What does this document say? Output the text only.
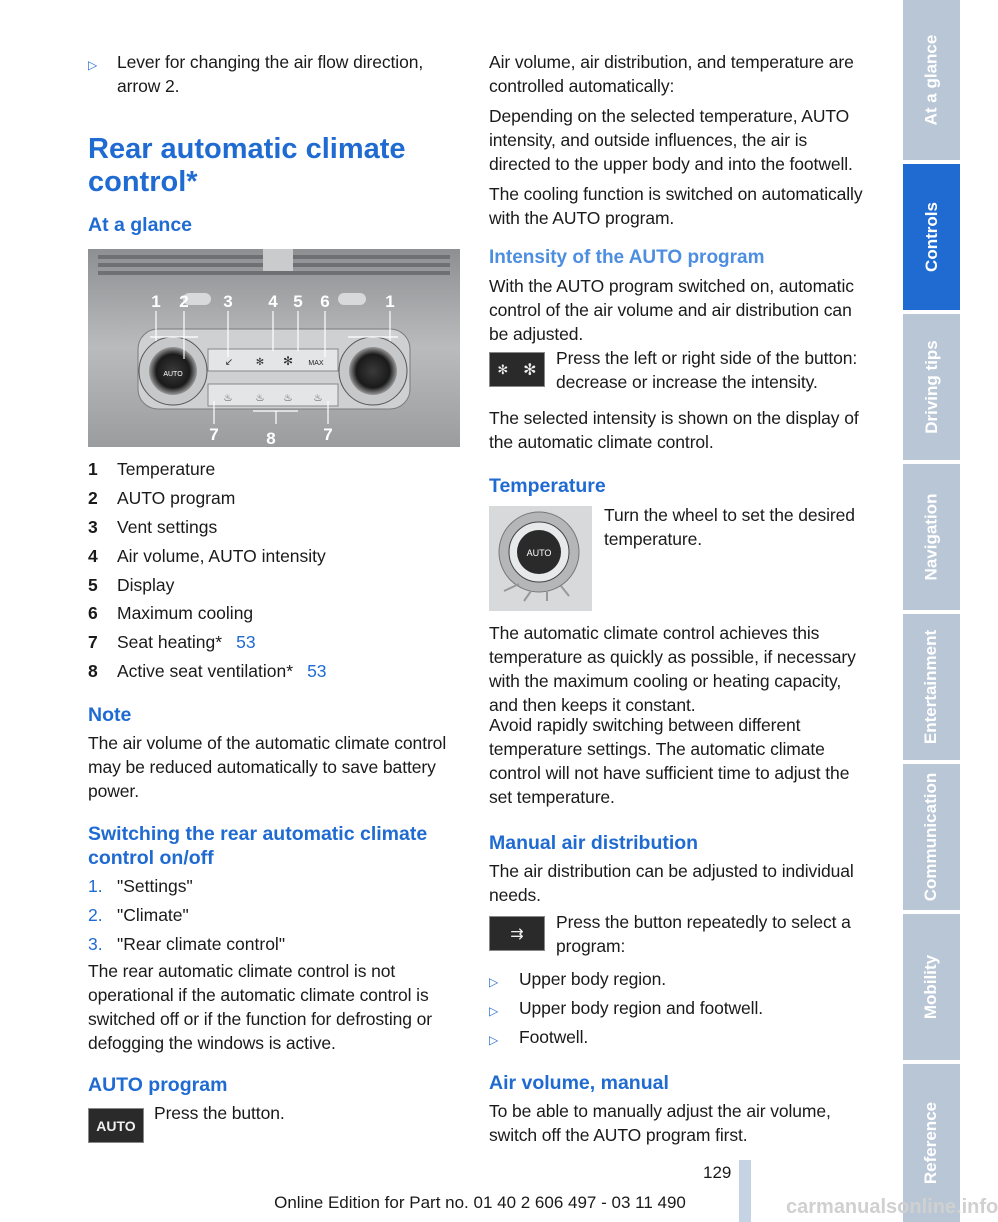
▷ Lever for changing the air flow direction, arrow 2.

Rear automatic climate
control*
At a glance
AUTO
MAX
↙ ✻ ✻
♨ ♨ ♨ ♨
1 2 3 4 5 6	1
7	8	7
1 Temperature
2 AUTO program
3 Vent settings
4 Air volume, AUTO intensity
5 Display
6 Maximum cooling
7 Seat heating* 53
8 Active seat ventilation* 53
Note

The air volume of the automatic climate control may be reduced automatically to save battery power.

Switching the rear automatic climate
control on/off
1. "Settings"
2. "Climate"
3. "Rear climate control"

The rear automatic climate control is not operational if the automatic climate control is switched off or if the function for defrosting or defogging the windows is active.

AUTO program
AUTO

Press the button.

Air volume, air distribution, and temperature are controlled automatically:

Depending on the selected temperature, AUTO intensity, and outside influences, the air is directed to the upper body and into the footwell.

The cooling function is switched on automatically with the AUTO program.

Intensity of the AUTO program

With the AUTO program switched on, automatic control of the air volume and air distribution can be adjusted.

✻ ✻

Press the left or right side of the button: decrease or increase the intensity.

The selected intensity is shown on the display of the automatic climate control.

Temperature
AUTO

Turn the wheel to set the desired temperature.

The automatic climate control achieves this temperature as quickly as possible, if necessary with the maximum cooling or heating capacity, and then keeps it constant.

Avoid rapidly switching between different temperature settings. The automatic climate control will not have sufficient time to adjust the set temperature.

Manual air distribution

The air distribution can be adjusted to individual needs.

⇉

Press the button repeatedly to select a program:

▷ Upper body region.

▷ Upper body region and footwell.

▷ Footwell.

Air volume, manual

To be able to manually adjust the air volume, switch off the AUTO program first.

At a glance
Controls
Driving tips
Navigation
Entertainment
Communication
Mobility
Reference
129
Online Edition for Part no. 01 40 2 606 497 - 03 11 490	carmanualsonline.info
